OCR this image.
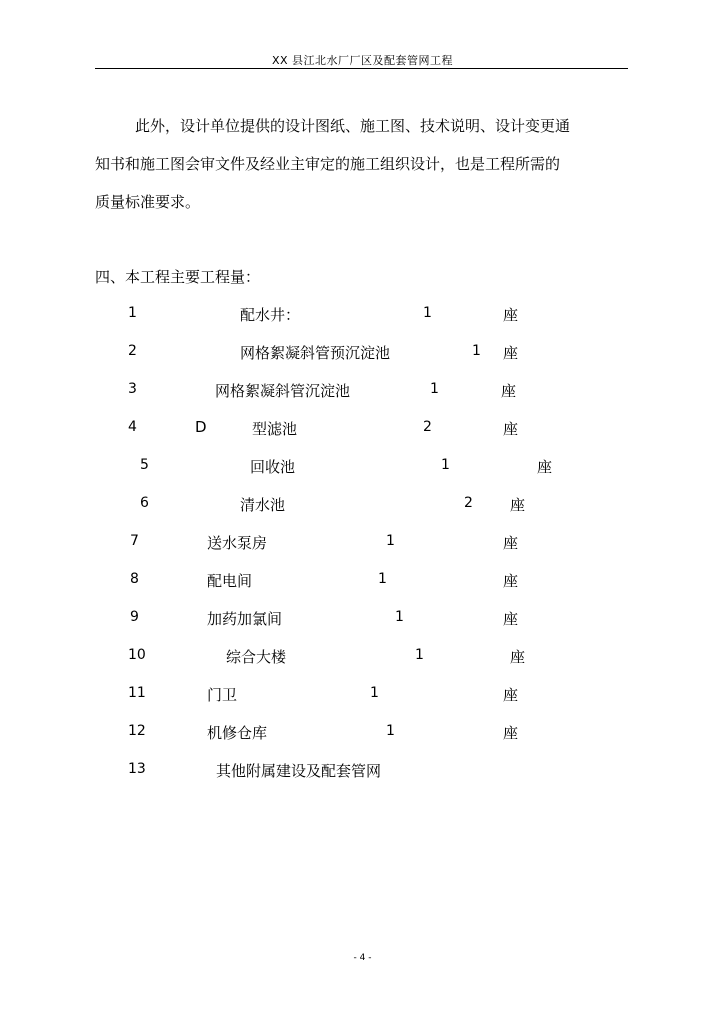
XX 县江北水厂厂区及配套管网工程
此外，设计单位提供的设计图纸、施工图、技术说明、设计变更通
知书和施工图会审文件及经业主审定的施工组织设计，也是工程所需的
质量标准要求。
四、本工程主要工程量：
1	配水井：	1	座
2	网格絮凝斜管预沉淀池	1 座
3	网格絮凝斜管沉淀池	1	座
4	D	型滤池	2	座
5	回收池	1	座
6	清水池	2 座
7	送水泵房	1	座
8	配电间	1	座
9	加药加氯间	1	座
10	综合大楼	1	座
11	门卫	1	座
12	机修仓库	1	座
13	其他附属建设及配套管网
- 4 -
